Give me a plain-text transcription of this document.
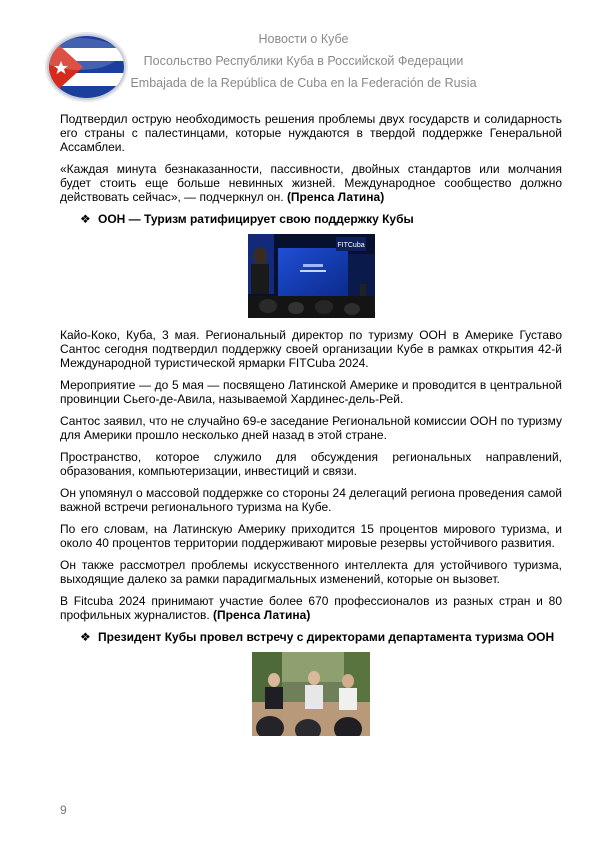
Новости о Кубе
Посольство Республики Куба в Российской Федерации
Embajada de la República de Cuba en la Federación de Rusia

Подтвердил острую необходимость решения проблемы двух государств и солидарность его страны с палестинцами, которые нуждаются в твердой поддержке Генеральной Ассамблеи.

«Каждая минута безнаказанности, пассивности, двойных стандартов или молчания будет стоить еще больше невинных жизней. Международное сообщество должно действовать сейчас», — подчеркнул он. (Пренса Латина)

❖ ООН — Туризм ратифицирует свою поддержку Кубы
FITCuba

Кайо-Коко, Куба, 3 мая. Региональный директор по туризму ООН в Америке Густаво Сантос сегодня подтвердил поддержку своей организации Кубе в рамках открытия 42-й Международной туристической ярмарки FITCuba 2024.

Мероприятие — до 5 мая — посвящено Латинской Америке и проводится в центральной провинции Сьего-де-Авила, называемой Хардинес-дель-Рей.

Сантос заявил, что не случайно 69-е заседание Региональной комиссии ООН по туризму для Америки прошло несколько дней назад в этой стране.

Пространство, которое служило для обсуждения региональных направлений, образования, компьютеризации, инвестиций и связи.

Он упомянул о массовой поддержке со стороны 24 делегаций региона проведения самой важной встречи регионального туризма на Кубе.

По его словам, на Латинскую Америку приходится 15 процентов мирового туризма, и около 40 процентов территории поддерживают мировые резервы устойчивого развития.

Он также рассмотрел проблемы искусственного интеллекта для устойчивого туризма, выходящие далеко за рамки парадигмальных изменений, которые он вызовет.

В Fitcuba 2024 принимают участие более 670 профессионалов из разных стран и 80 профильных журналистов. (Пренса Латина)

❖ Президент Кубы провел встречу с директорами департамента туризма ООН
9
